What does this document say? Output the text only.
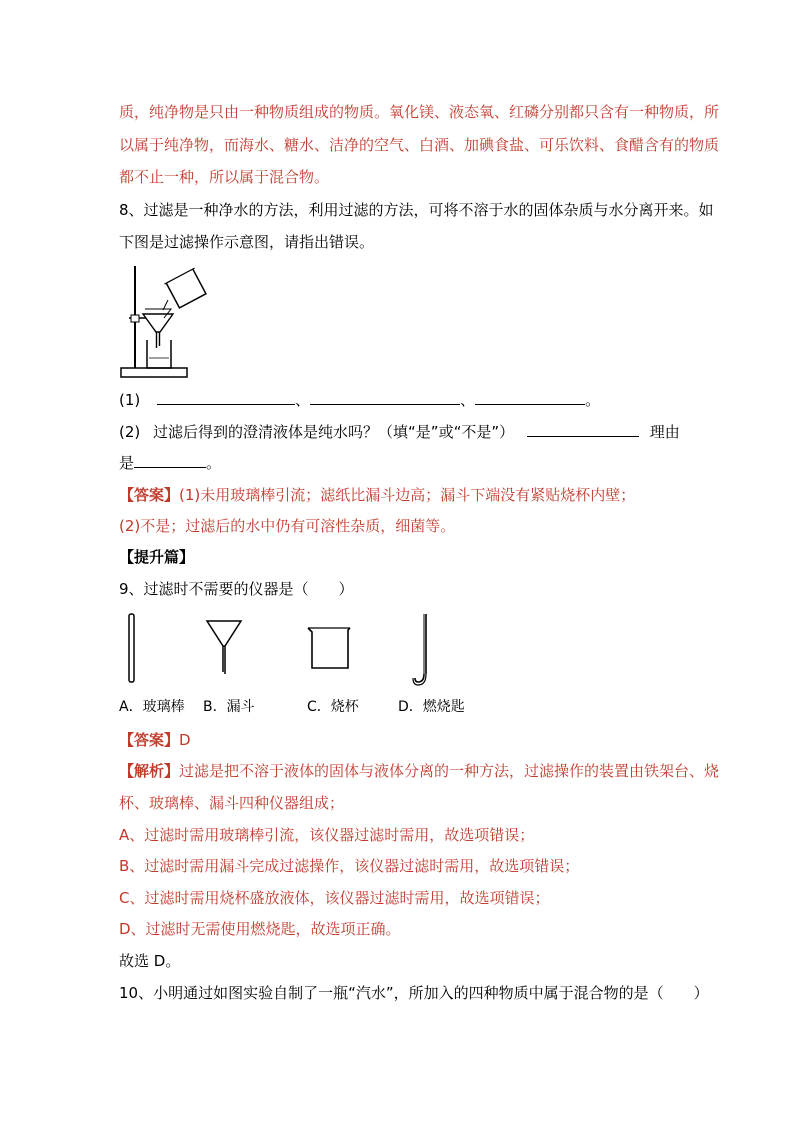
质，纯净物是只由一种物质组成的物质。氧化镁、液态氧、红磷分别都只含有一种物质，所
以属于纯净物，而海水、糖水、洁净的空气、白酒、加碘食盐、可乐饮料、食醋含有的物质
都不止一种，所以属于混合物。
8、过滤是一种净水的方法，利用过滤的方法，可将不溶于水的固体杂质与水分离开来。如
下图是过滤操作示意图，请指出错误。
(1)	、	、	。
(2) 过滤后得到的澄清液体是纯水吗？（填“是”或“不是”）	理由
是	。
【答案】(1)未用玻璃棒引流；滤纸比漏斗边高；漏斗下端没有紧贴烧杯内壁；
(2)不是；过滤后的水中仍有可溶性杂质，细菌等。
【提升篇】
9、过滤时不需要的仪器是（　　）
A．玻璃棒 B．漏斗	C．烧杯	D．燃烧匙
【答案】D
【解析】过滤是把不溶于液体的固体与液体分离的一种方法，过滤操作的装置由铁架台、烧
杯、玻璃棒、漏斗四种仪器组成；
A、过滤时需用玻璃棒引流，该仪器过滤时需用，故选项错误；
B、过滤时需用漏斗完成过滤操作，该仪器过滤时需用，故选项错误；
C、过滤时需用烧杯盛放液体，该仪器过滤时需用，故选项错误；
D、过滤时无需使用燃烧匙，故选项正确。
故选 D。
10、小明通过如图实验自制了一瓶“汽水”，所加入的四种物质中属于混合物的是（　　）
